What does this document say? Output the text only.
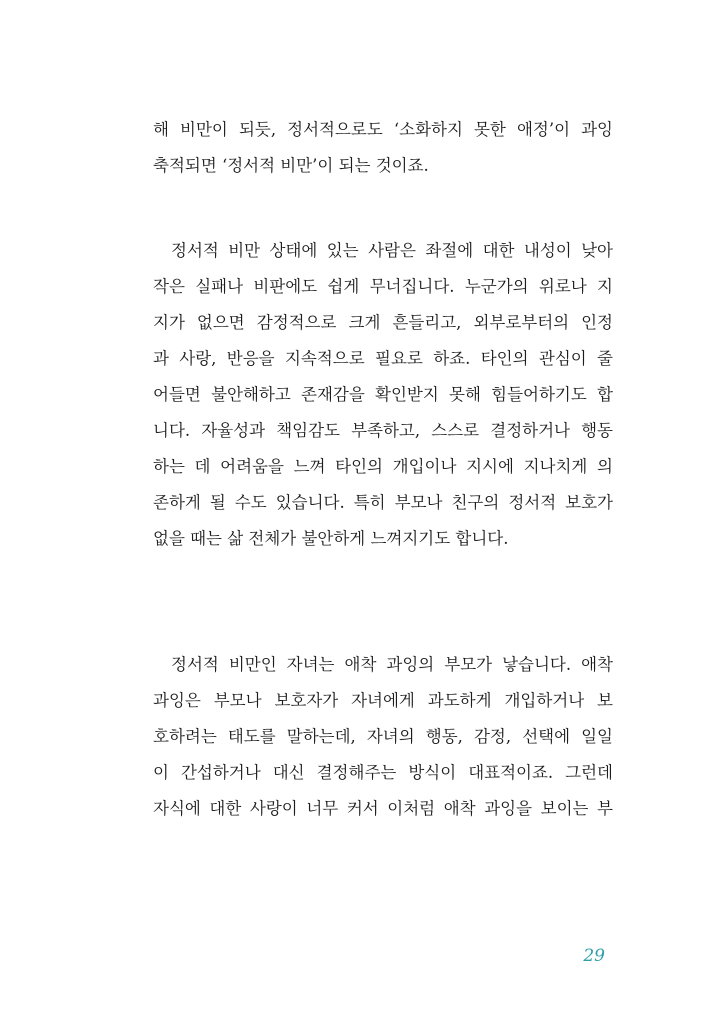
해 비만이 되듯, 정서적으로도 ‘소화하지 못한 애정’이 과잉
축적되면 ‘정서적 비만’이 되는 것이죠.
정서적 비만 상태에 있는 사람은 좌절에 대한 내성이 낮아
작은 실패나 비판에도 쉽게 무너집니다. 누군가의 위로나 지
지가 없으면 감정적으로 크게 흔들리고, 외부로부터의 인정
과 사랑, 반응을 지속적으로 필요로 하죠. 타인의 관심이 줄
어들면 불안해하고 존재감을 확인받지 못해 힘들어하기도 합
니다. 자율성과 책임감도 부족하고, 스스로 결정하거나 행동
하는 데 어려움을 느껴 타인의 개입이나 지시에 지나치게 의
존하게 될 수도 있습니다. 특히 부모나 친구의 정서적 보호가
없을 때는 삶 전체가 불안하게 느껴지기도 합니다.
정서적 비만인 자녀는 애착 과잉의 부모가 낳습니다. 애착
과잉은 부모나 보호자가 자녀에게 과도하게 개입하거나 보
호하려는 태도를 말하는데, 자녀의 행동, 감정, 선택에 일일
이 간섭하거나 대신 결정해주는 방식이 대표적이죠. 그런데
자식에 대한 사랑이 너무 커서 이처럼 애착 과잉을 보이는 부
29
